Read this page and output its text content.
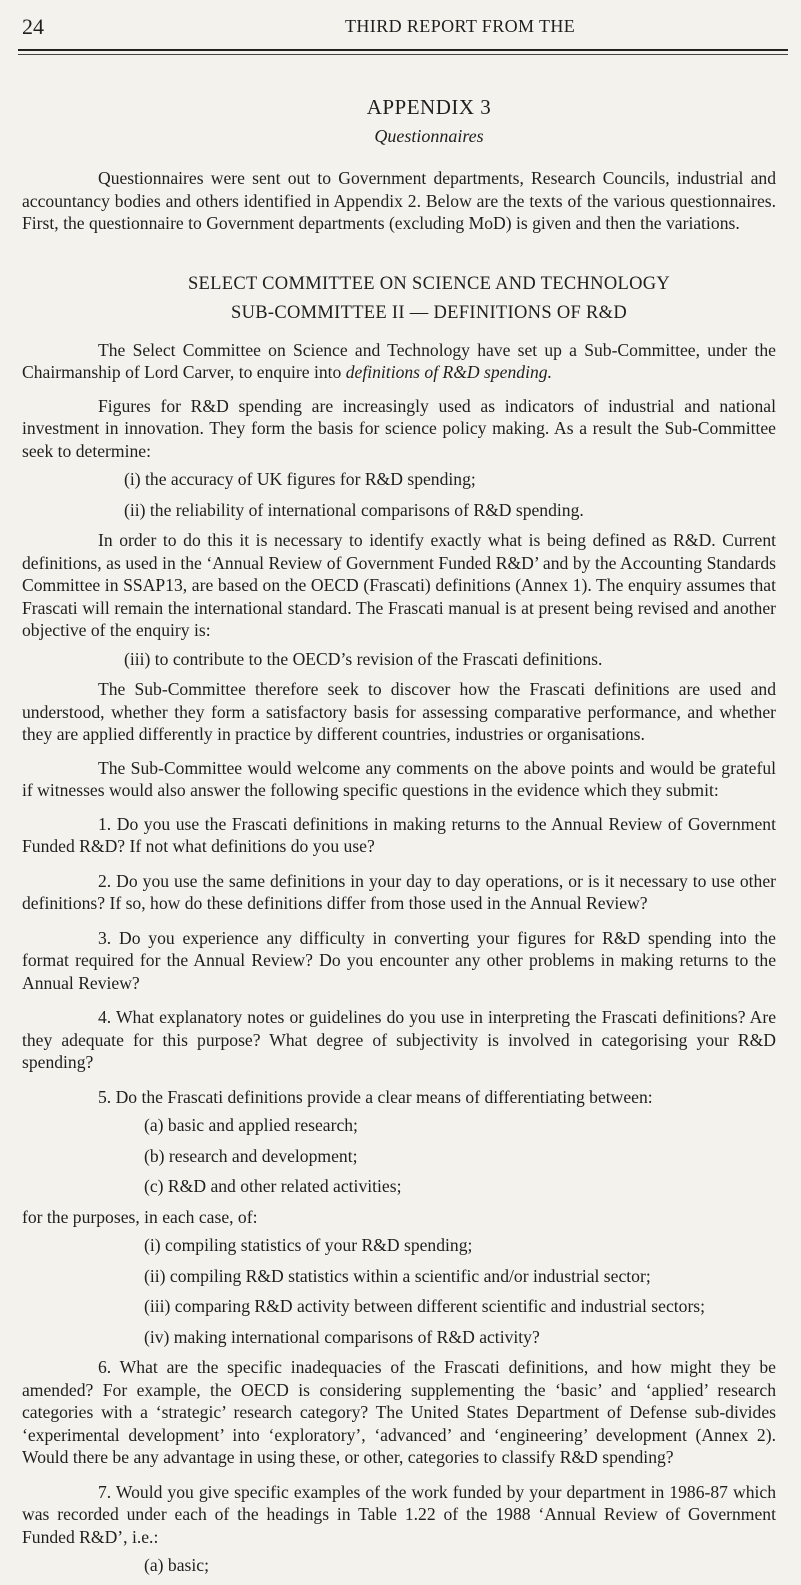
24	THIRD REPORT FROM THE
APPENDIX 3
Questionnaires

Questionnaires were sent out to Government departments, Research Councils, industrial and accountancy bodies and others identified in Appendix 2. Below are the texts of the various questionnaires. First, the questionnaire to Government departments (excluding MoD) is given and then the variations.

SELECT COMMITTEE ON SCIENCE AND TECHNOLOGY
SUB-COMMITTEE II — DEFINITIONS OF R&D

The Select Committee on Science and Technology have set up a Sub-Committee, under the Chairmanship of Lord Carver, to enquire into definitions of R&D spending.

Figures for R&D spending are increasingly used as indicators of industrial and national investment in innovation. They form the basis for science policy making. As a result the Sub-Committee seek to determine:

(i) the accuracy of UK figures for R&D spending;

(ii) the reliability of international comparisons of R&D spending.

In order to do this it is necessary to identify exactly what is being defined as R&D. Current definitions, as used in the ‘Annual Review of Government Funded R&D’ and by the Accounting Standards Committee in SSAP13, are based on the OECD (Frascati) definitions (Annex 1). The enquiry assumes that Frascati will remain the international standard. The Frascati manual is at present being revised and another objective of the enquiry is:

(iii) to contribute to the OECD’s revision of the Frascati definitions.

The Sub-Committee therefore seek to discover how the Frascati definitions are used and understood, whether they form a satisfactory basis for assessing comparative performance, and whether they are applied differently in practice by different countries, industries or organisations.

The Sub-Committee would welcome any comments on the above points and would be grateful if witnesses would also answer the following specific questions in the evidence which they submit:

1. Do you use the Frascati definitions in making returns to the Annual Review of Government Funded R&D? If not what definitions do you use?

2. Do you use the same definitions in your day to day operations, or is it necessary to use other definitions? If so, how do these definitions differ from those used in the Annual Review?

3. Do you experience any difficulty in converting your figures for R&D spending into the format required for the Annual Review? Do you encounter any other problems in making returns to the Annual Review?

4. What explanatory notes or guidelines do you use in interpreting the Frascati definitions? Are they adequate for this purpose? What degree of subjectivity is involved in categorising your R&D spending?

5. Do the Frascati definitions provide a clear means of differentiating between:

(a) basic and applied research;

(b) research and development;

(c) R&D and other related activities;

for the purposes, in each case, of:

(i) compiling statistics of your R&D spending;

(ii) compiling R&D statistics within a scientific and/or industrial sector;

(iii) comparing R&D activity between different scientific and industrial sectors;

(iv) making international comparisons of R&D activity?

6. What are the specific inadequacies of the Frascati definitions, and how might they be amended? For example, the OECD is considering supplementing the ‘basic’ and ‘applied’ research categories with a ‘strategic’ research category? The United States Department of Defense sub-divides ‘experimental development’ into ‘exploratory’, ‘advanced’ and ‘engineering’ development (Annex 2). Would there be any advantage in using these, or other, categories to classify R&D spending?

7. Would you give specific examples of the work funded by your department in 1986-87 which was recorded under each of the headings in Table 1.22 of the 1988 ‘Annual Review of Government Funded R&D’, i.e.:

(a) basic;
